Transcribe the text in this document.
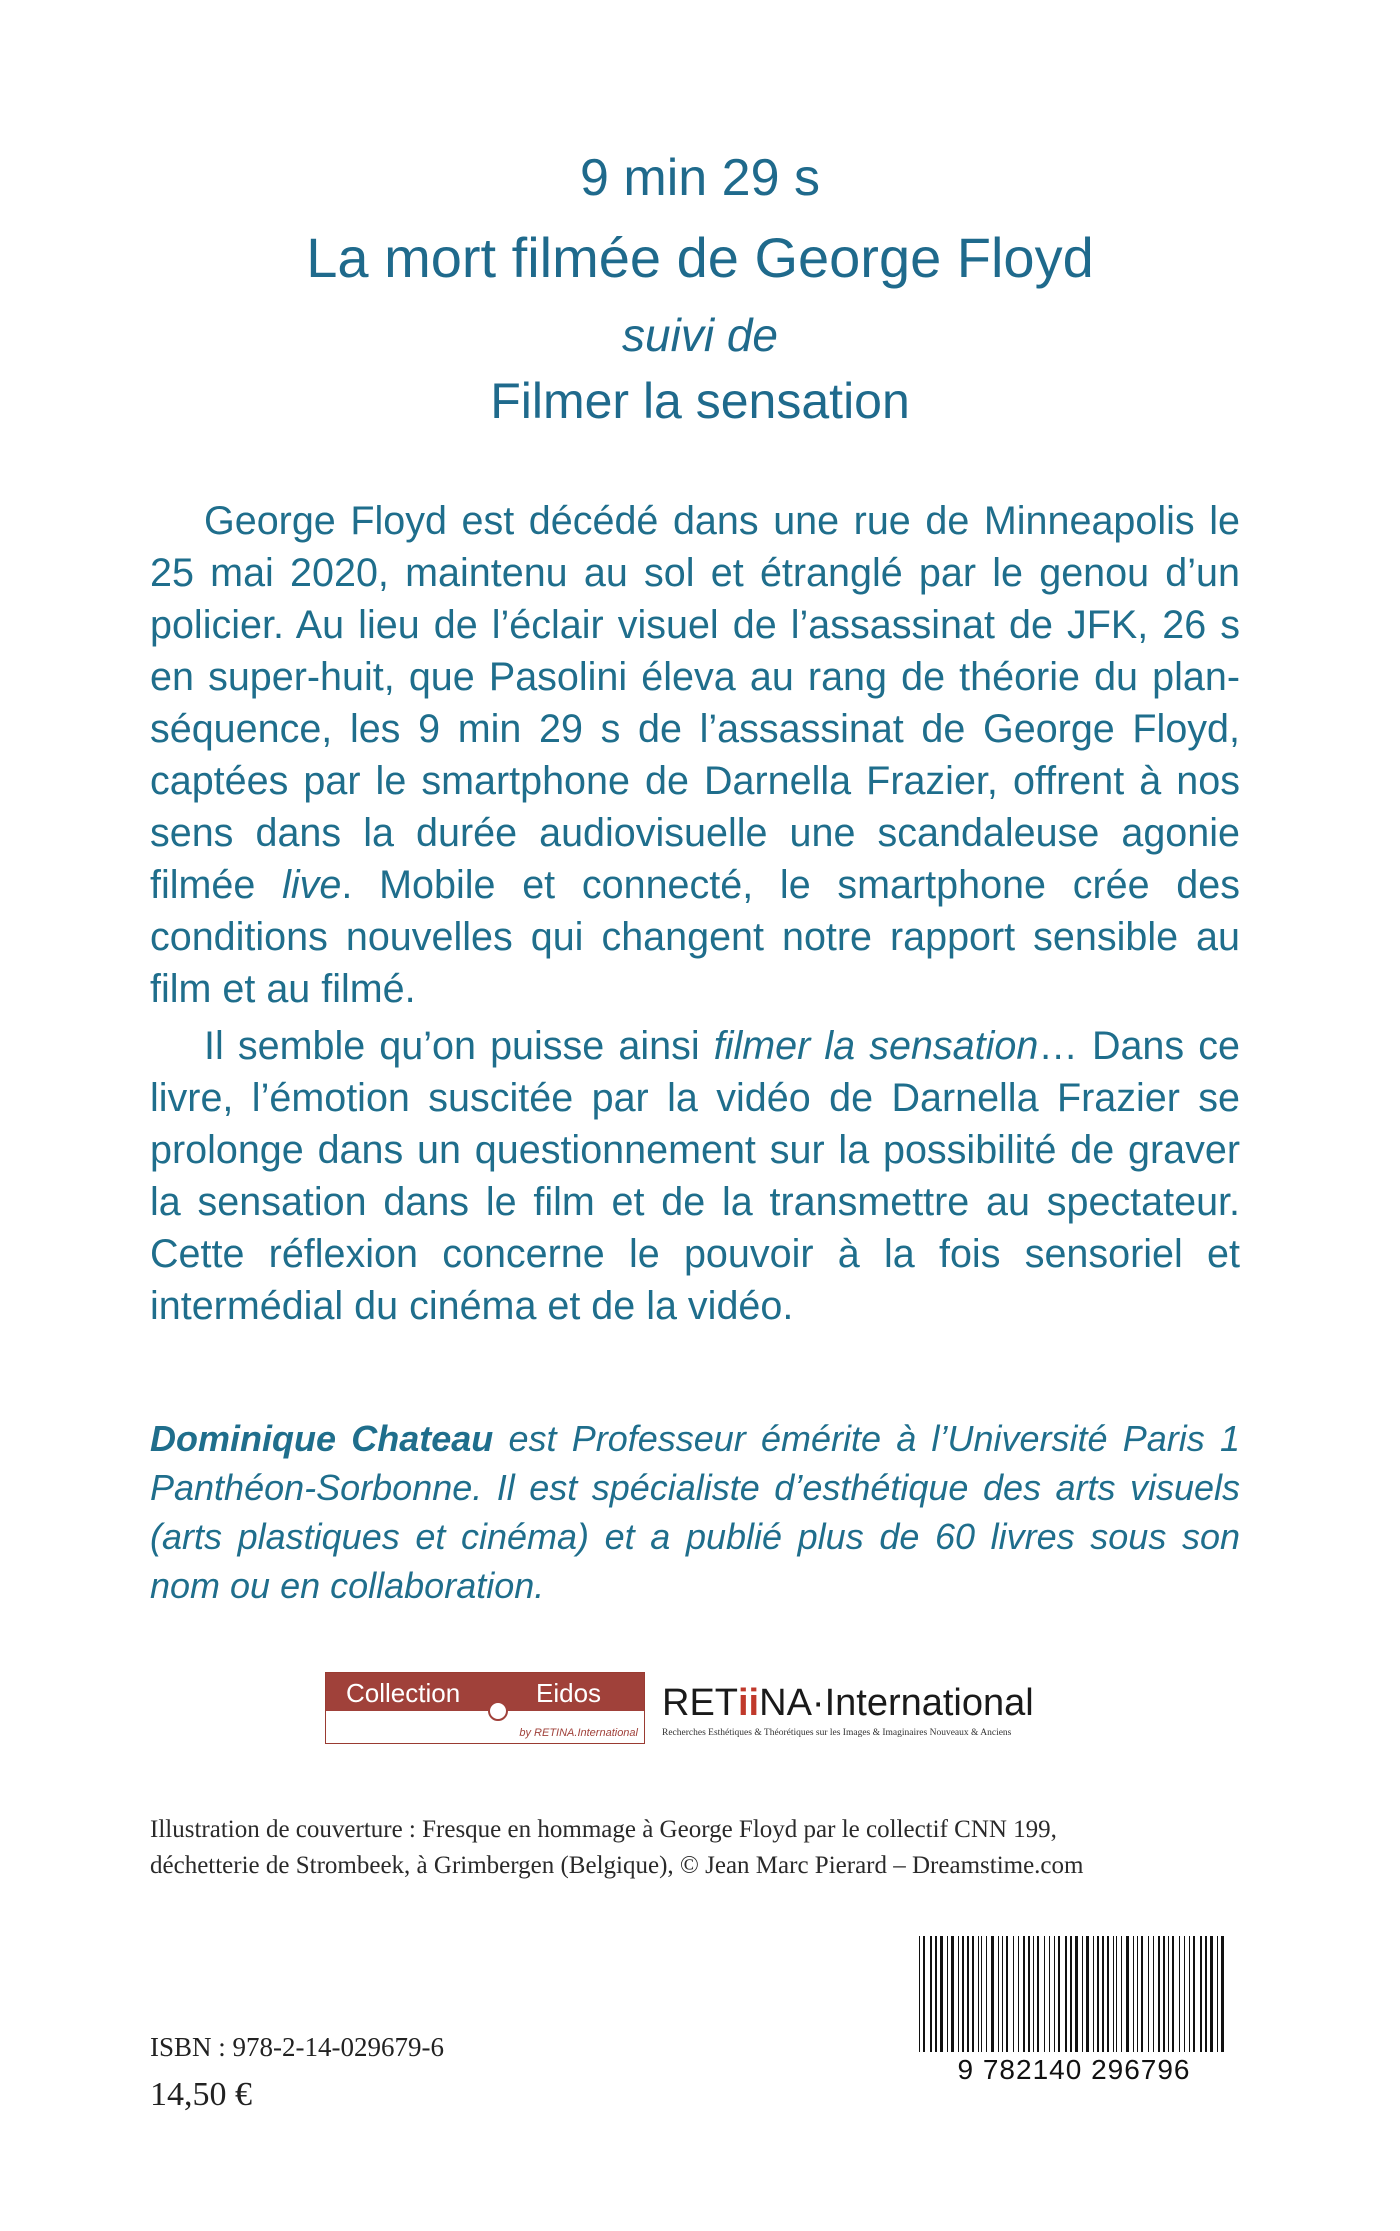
9 min 29 s
La mort filmée de George Floyd
suivi de
Filmer la sensation

George Floyd est décédé dans une rue de Minneapolis le 25 mai 2020, maintenu au sol et étranglé par le genou d’un policier. Au lieu de l’éclair visuel de l’assassinat de JFK, 26 s en super-huit, que Pasolini éleva au rang de théorie du plan-séquence, les 9 min 29 s de l’assassinat de George Floyd, captées par le smartphone de Darnella Frazier, offrent à nos sens dans la durée audiovisuelle une scandaleuse agonie filmée live. Mobile et connecté, le smartphone crée des conditions nouvelles qui changent notre rapport sensible au film et au filmé.

Il semble qu’on puisse ainsi filmer la sensation… Dans ce livre, l’émotion suscitée par la vidéo de Darnella Frazier se prolonge dans un questionnement sur la possibilité de graver la sensation dans le film et de la transmettre au spectateur. Cette réflexion concerne le pouvoir à la fois sensoriel et intermédial du cinéma et de la vidéo.

Dominique Chateau est Professeur émérite à l’Université Paris 1 Panthéon-Sorbonne. Il est spécialiste d’esthétique des arts visuels (arts plastiques et cinéma) et a publié plus de 60 livres sous son nom ou en collaboration.
Collection	Eidos
by RETINA.International
RETiiNA·International
Recherches Esthétiques & Théorétiques sur les Images & Imaginaires Nouveaux & Anciens
Illustration de couverture : Fresque en hommage à George Floyd par le collectif CNN 199,
déchetterie de Strombeek, à Grimbergen (Belgique), © Jean Marc Pierard – Dreamstime.com
9 782140 296796
ISBN : 978-2-14-029679-6
14,50 €
